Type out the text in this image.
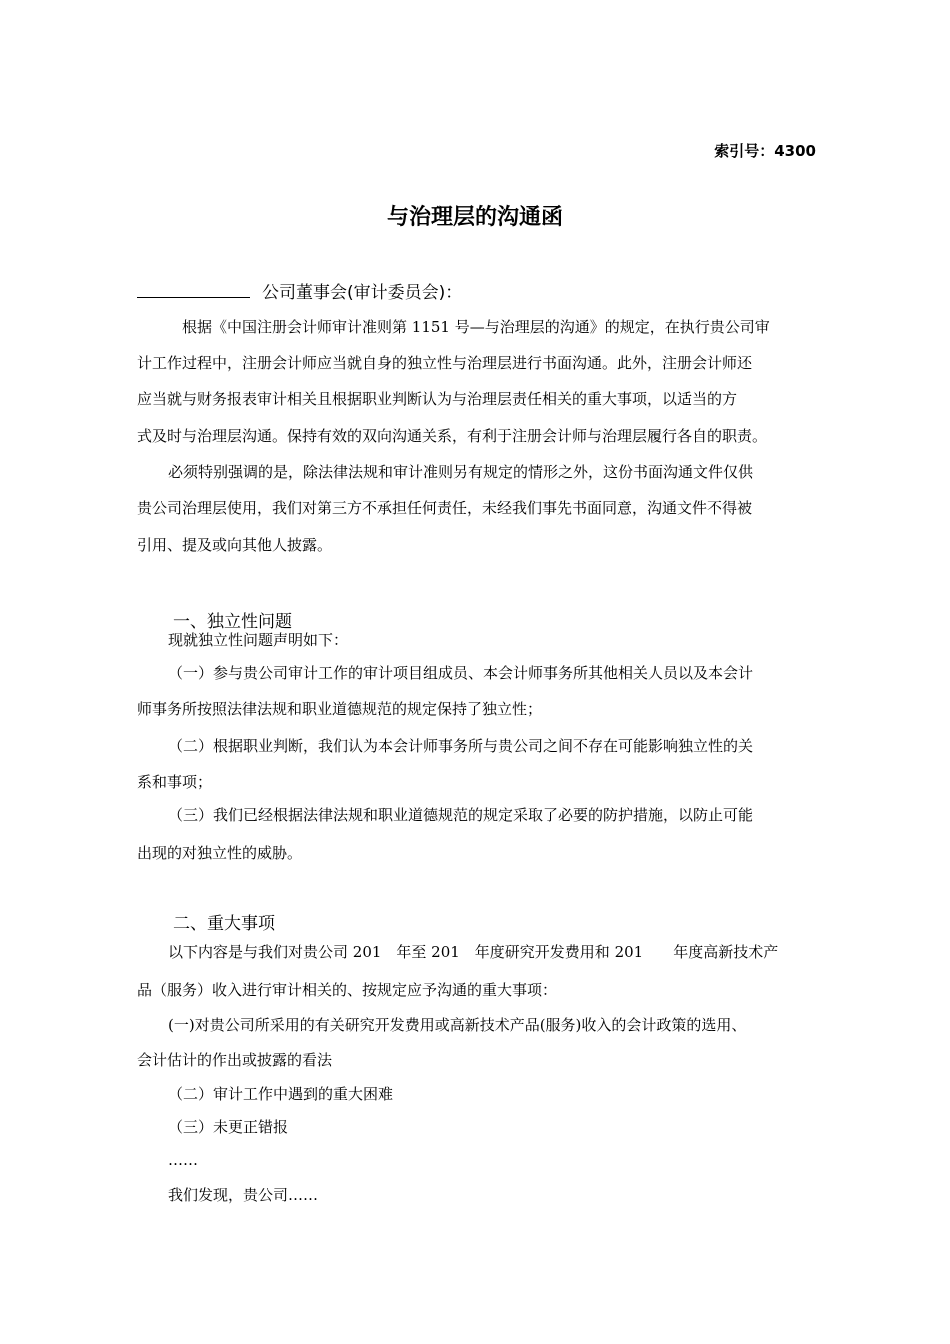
索引号：4300
与治理层的沟通函
公司董事会(审计委员会)：
根据《中国注册会计师审计准则第 1151 号—与治理层的沟通》的规定，在执行贵公司审
计工作过程中，注册会计师应当就自身的独立性与治理层进行书面沟通。此外，注册会计师还
应当就与财务报表审计相关且根据职业判断认为与治理层责任相关的重大事项，以适当的方
式及时与治理层沟通。保持有效的双向沟通关系，有利于注册会计师与治理层履行各自的职责。
必须特别强调的是，除法律法规和审计准则另有规定的情形之外，这份书面沟通文件仅供
贵公司治理层使用，我们对第三方不承担任何责任，未经我们事先书面同意，沟通文件不得被
引用、提及或向其他人披露。
一、独立性问题
现就独立性问题声明如下：
（一）参与贵公司审计工作的审计项目组成员、本会计师事务所其他相关人员以及本会计
师事务所按照法律法规和职业道德规范的规定保持了独立性；
（二）根据职业判断，我们认为本会计师事务所与贵公司之间不存在可能影响独立性的关
系和事项；
（三）我们已经根据法律法规和职业道德规范的规定采取了必要的防护措施，以防止可能
出现的对独立性的威胁。
二、重大事项
以下内容是与我们对贵公司 201　年至 201　年度研究开发费用和 201　　年度高新技术产
品（服务）收入进行审计相关的、按规定应予沟通的重大事项：
(一)对贵公司所采用的有关研究开发费用或高新技术产品(服务)收入的会计政策的选用、
会计估计的作出或披露的看法
（二）审计工作中遇到的重大困难
（三）未更正错报
……
我们发现，贵公司……
